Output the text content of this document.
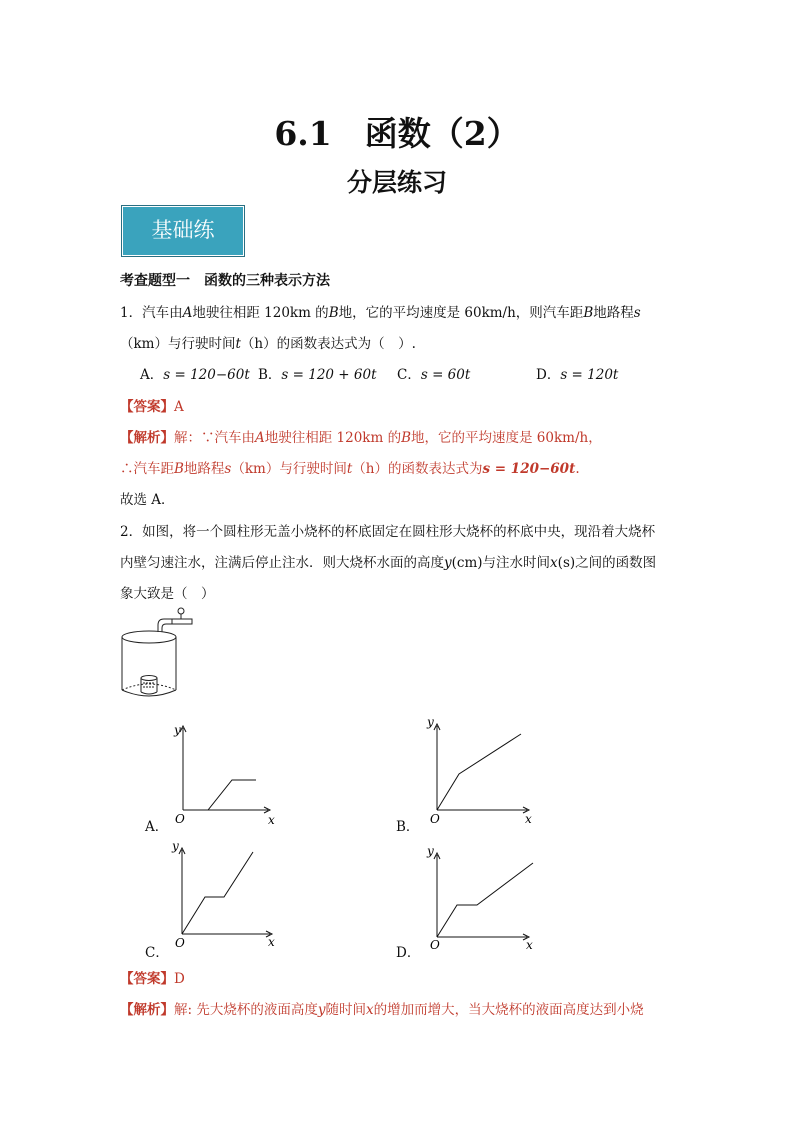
6.1　函数（2）
分层练习
基础练
考查题型一　函数的三种表示方法
1．汽车由A地驶往相距 120km 的B地，它的平均速度是 60km/h，则汽车距B地路程s
（km）与行驶时间t（h）的函数表达式为（　）.
A．s = 120−60t B．s = 120 + 60t C．s = 60t	D．s = 120t
【答案】A
【解析】解：∵汽车由A地驶往相距 120km 的B地，它的平均速度是 60km/h，
∴汽车距B地路程s（km）与行驶时间t（h）的函数表达式为s = 120−60t.
故选 A．
2．如图，将一个圆柱形无盖小烧杯的杯底固定在圆柱形大烧杯的杯底中央，现沿着大烧杯
内壁匀速注水，注满后停止注水．则大烧杯水面的高度y(cm)与注水时间x(s)之间的函数图
象大致是（　）
y
x
O
A．
y
x
O
B．
y
x
O
C．
y
x
O
D．
【答案】D
【解析】解: 先大烧杯的液面高度y随时间x的增加而增大，当大烧杯的液面高度达到小烧
